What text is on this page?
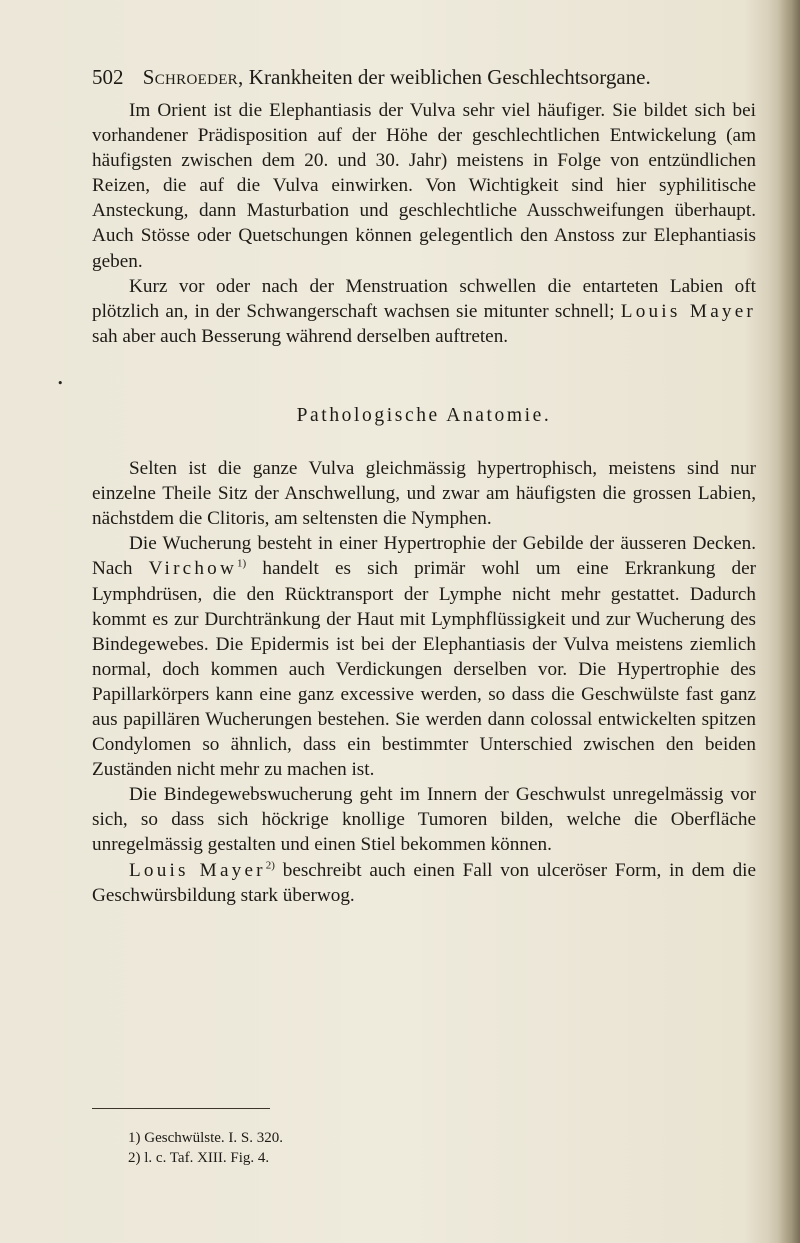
502 Schroeder, Krankheiten der weiblichen Geschlechtsorgane.
•

Im Orient ist die Elephantiasis der Vulva sehr viel häufiger. Sie bildet sich bei vorhandener Prädisposition auf der Höhe der geschlechtlichen Entwickelung (am häufigsten zwischen dem 20. und 30. Jahr) meistens in Folge von entzündlichen Reizen, die auf die Vulva einwirken. Von Wichtigkeit sind hier syphilitische Ansteckung, dann Masturbation und geschlechtliche Ausschweifungen überhaupt. Auch Stösse oder Quetschungen können gelegentlich den Anstoss zur Elephantiasis geben.

Kurz vor oder nach der Menstruation schwellen die entarteten Labien oft plötzlich an, in der Schwangerschaft wachsen sie mitunter schnell; Louis Mayer sah aber auch Besserung während derselben auftreten.

Pathologische Anatomie.

Selten ist die ganze Vulva gleichmässig hypertrophisch, meistens sind nur einzelne Theile Sitz der Anschwellung, und zwar am häufigsten die grossen Labien, nächstdem die Clitoris, am seltensten die Nymphen.

Die Wucherung besteht in einer Hypertrophie der Gebilde der äusseren Decken. Nach Virchow$^{1)}$ handelt es sich primär wohl um eine Erkrankung der Lymphdrüsen, die den Rücktransport der Lymphe nicht mehr gestattet. Dadurch kommt es zur Durchtränkung der Haut mit Lymphflüssigkeit und zur Wucherung des Bindegewebes. Die Epidermis ist bei der Elephantiasis der Vulva meistens ziemlich normal, doch kommen auch Verdickungen derselben vor. Die Hypertrophie des Papillarkörpers kann eine ganz excessive werden, so dass die Geschwülste fast ganz aus papillären Wucherungen bestehen. Sie werden dann colossal entwickelten spitzen Condylomen so ähnlich, dass ein bestimmter Unterschied zwischen den beiden Zuständen nicht mehr zu machen ist.

Die Bindegewebswucherung geht im Innern der Geschwulst unregelmässig vor sich, so dass sich höckrige knollige Tumoren bilden, welche die Oberfläche unregelmässig gestalten und einen Stiel bekommen können.

Louis Mayer$^{2)}$ beschreibt auch einen Fall von ulceröser Form, in dem die Geschwürsbildung stark überwog.

1) Geschwülste. I. S. 320.
2) l. c. Taf. XIII. Fig. 4.
